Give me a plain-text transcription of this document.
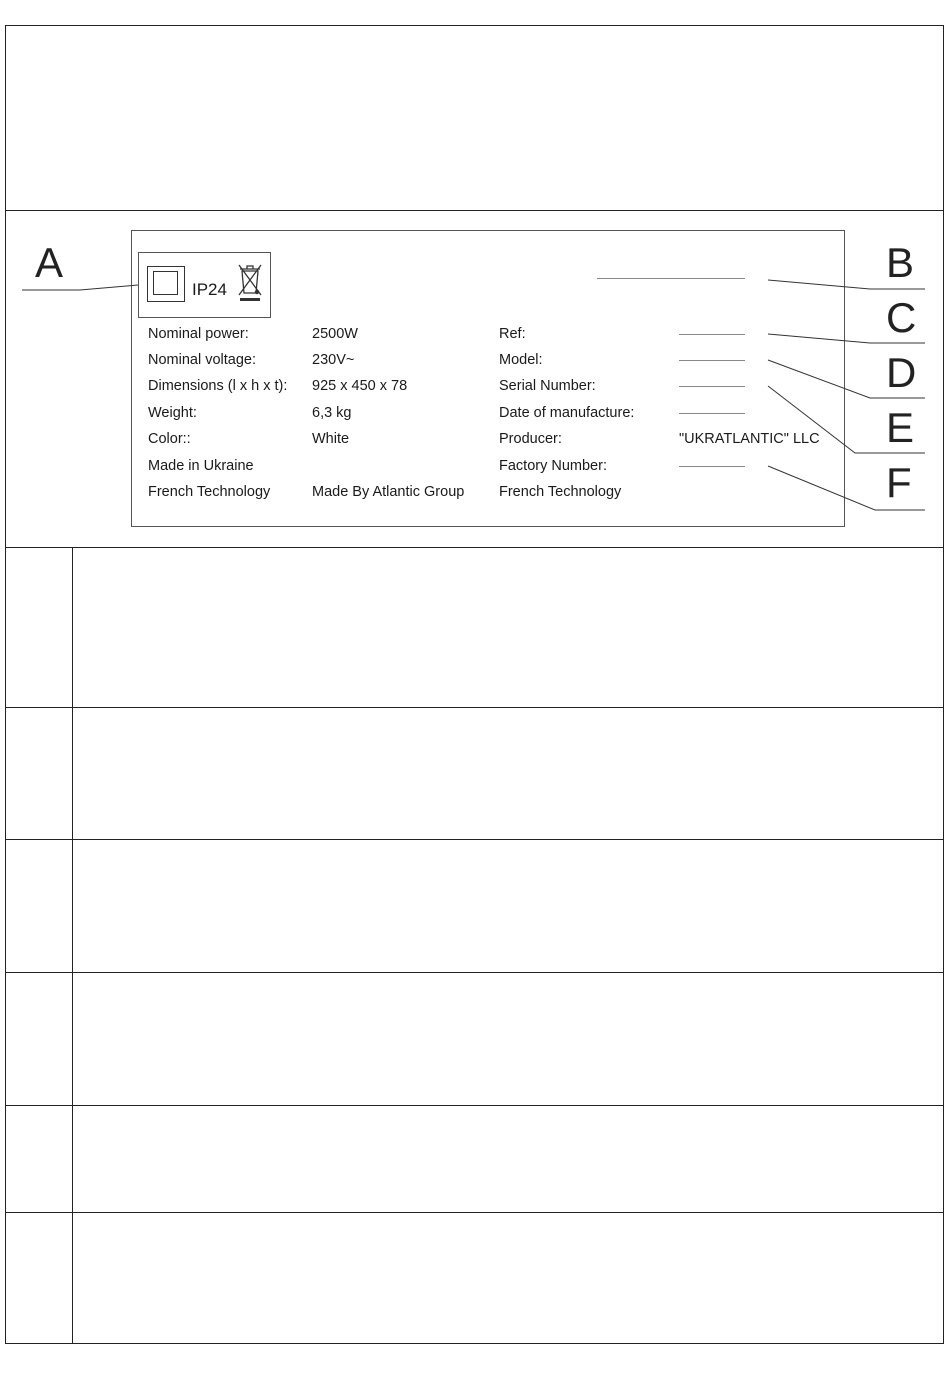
IP24
Nominal power:
Nominal voltage:
Dimensions (l x h x t):
Weight:
Color::
Made in Ukraine
French Technology
2500W
230V~
925 x 450 x 78
6,3 kg
White
Made By Atlantic Group
Ref:
Model:
Serial Number:
Date of manufacture:
Producer:
Factory Number:
French Technology
"UKRATLANTIC" LLC
A	B
C
D
E
F
